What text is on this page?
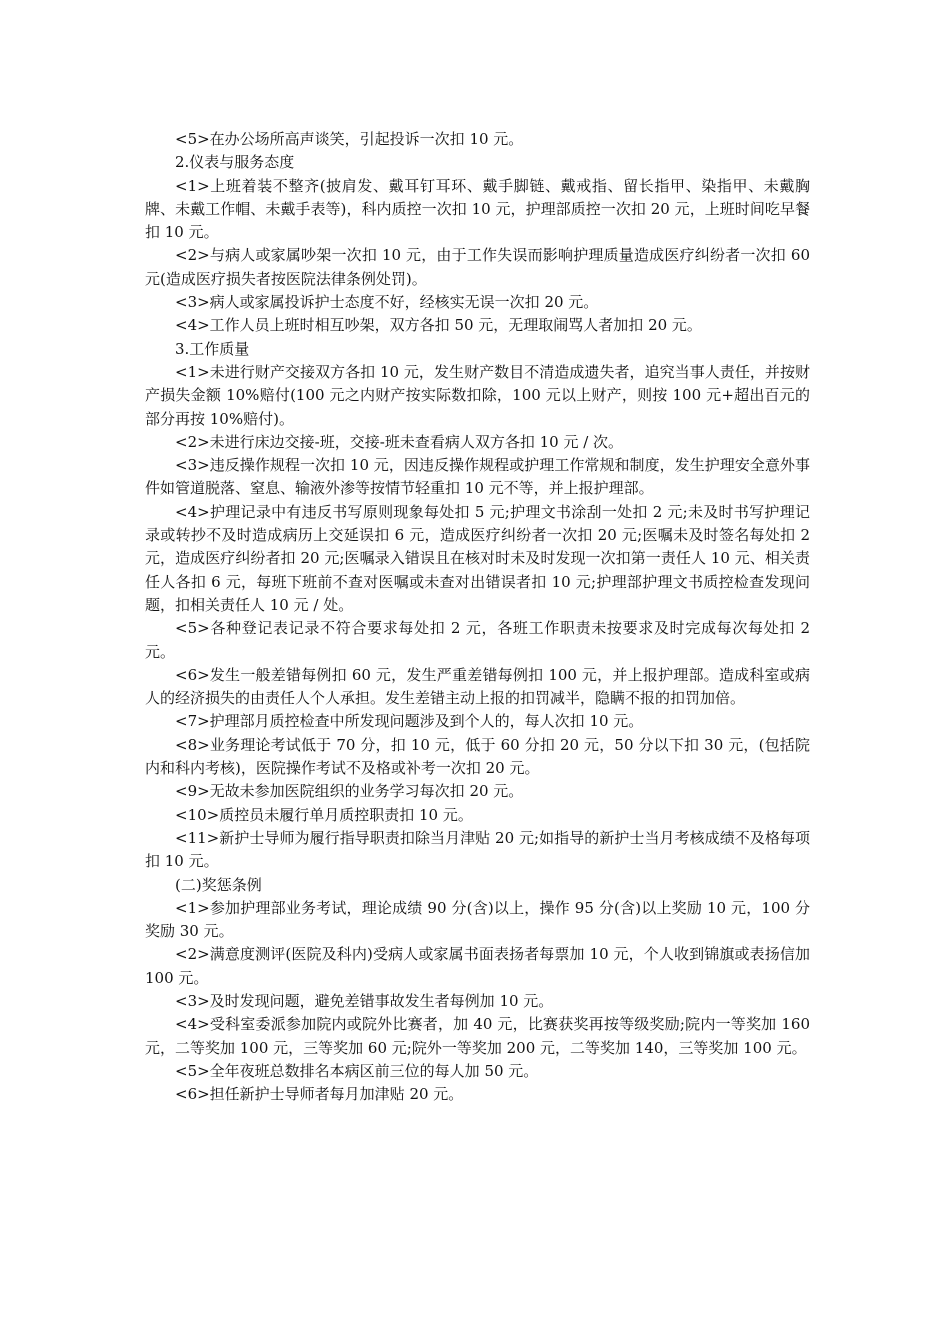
<5>在办公场所高声谈笑，引起投诉一次扣 10 元。

2.仪表与服务态度

<1>上班着装不整齐(披肩发、戴耳钉耳环、戴手脚链、戴戒指、留长指甲、染指甲、未戴胸牌、未戴工作帽、未戴手表等)，科内质控一次扣 10 元，护理部质控一次扣 20 元，上班时间吃早餐扣 10 元。

<2>与病人或家属吵架一次扣 10 元，由于工作失误而影响护理质量造成医疗纠纷者一次扣 60 元(造成医疗损失者按医院法律条例处罚)。

<3>病人或家属投诉护士态度不好，经核实无误一次扣 20 元。

<4>工作人员上班时相互吵架，双方各扣 50 元，无理取闹骂人者加扣 20 元。

3.工作质量

<1>未进行财产交接双方各扣 10 元，发生财产数目不清造成遗失者，追究当事人责任，并按财产损失金额 10%赔付(100 元之内财产按实际数扣除，100 元以上财产，则按 100 元+超出百元的部分再按 10%赔付)。

<2>未进行床边交接-班，交接-班未查看病人双方各扣 10 元 / 次。

<3>违反操作规程一次扣 10 元，因违反操作规程或护理工作常规和制度，发生护理安全意外事件如管道脱落、窒息、输液外渗等按情节轻重扣 10 元不等，并上报护理部。

<4>护理记录中有违反书写原则现象每处扣 5 元;护理文书涂刮一处扣 2 元;未及时书写护理记录或转抄不及时造成病历上交延误扣 6 元，造成医疗纠纷者一次扣 20 元;医嘱未及时签名每处扣 2 元，造成医疗纠纷者扣 20 元;医嘱录入错误且在核对时未及时发现一次扣第一责任人 10 元、相关责任人各扣 6 元，每班下班前不查对医嘱或未查对出错误者扣 10 元;护理部护理文书质控检查发现问题，扣相关责任人 10 元 / 处。

<5>各种登记表记录不符合要求每处扣 2 元，各班工作职责未按要求及时完成每次每处扣 2 元。

<6>发生一般差错每例扣 60 元，发生严重差错每例扣 100 元，并上报护理部。造成科室或病人的经济损失的由责任人个人承担。发生差错主动上报的扣罚减半，隐瞒不报的扣罚加倍。

<7>护理部月质控检查中所发现问题涉及到个人的，每人次扣 10 元。

<8>业务理论考试低于 70 分，扣 10 元，低于 60 分扣 20 元，50 分以下扣 30 元，(包括院内和科内考核)，医院操作考试不及格或补考一次扣 20 元。

<9>无故未参加医院组织的业务学习每次扣 20 元。

<10>质控员未履行单月质控职责扣 10 元。

<11>新护士导师为履行指导职责扣除当月津贴 20 元;如指导的新护士当月考核成绩不及格每项扣 10 元。

(二)奖惩条例

<1>参加护理部业务考试，理论成绩 90 分(含)以上，操作 95 分(含)以上奖励 10 元，100 分奖励 30 元。

<2>满意度测评(医院及科内)受病人或家属书面表扬者每票加 10 元，个人收到锦旗或表扬信加 100 元。

<3>及时发现问题，避免差错事故发生者每例加 10 元。

<4>受科室委派参加院内或院外比赛者，加 40 元，比赛获奖再按等级奖励;院内一等奖加 160 元，二等奖加 100 元，三等奖加 60 元;院外一等奖加 200 元，二等奖加 140，三等奖加 100 元。

<5>全年夜班总数排名本病区前三位的每人加 50 元。

<6>担任新护士导师者每月加津贴 20 元。
